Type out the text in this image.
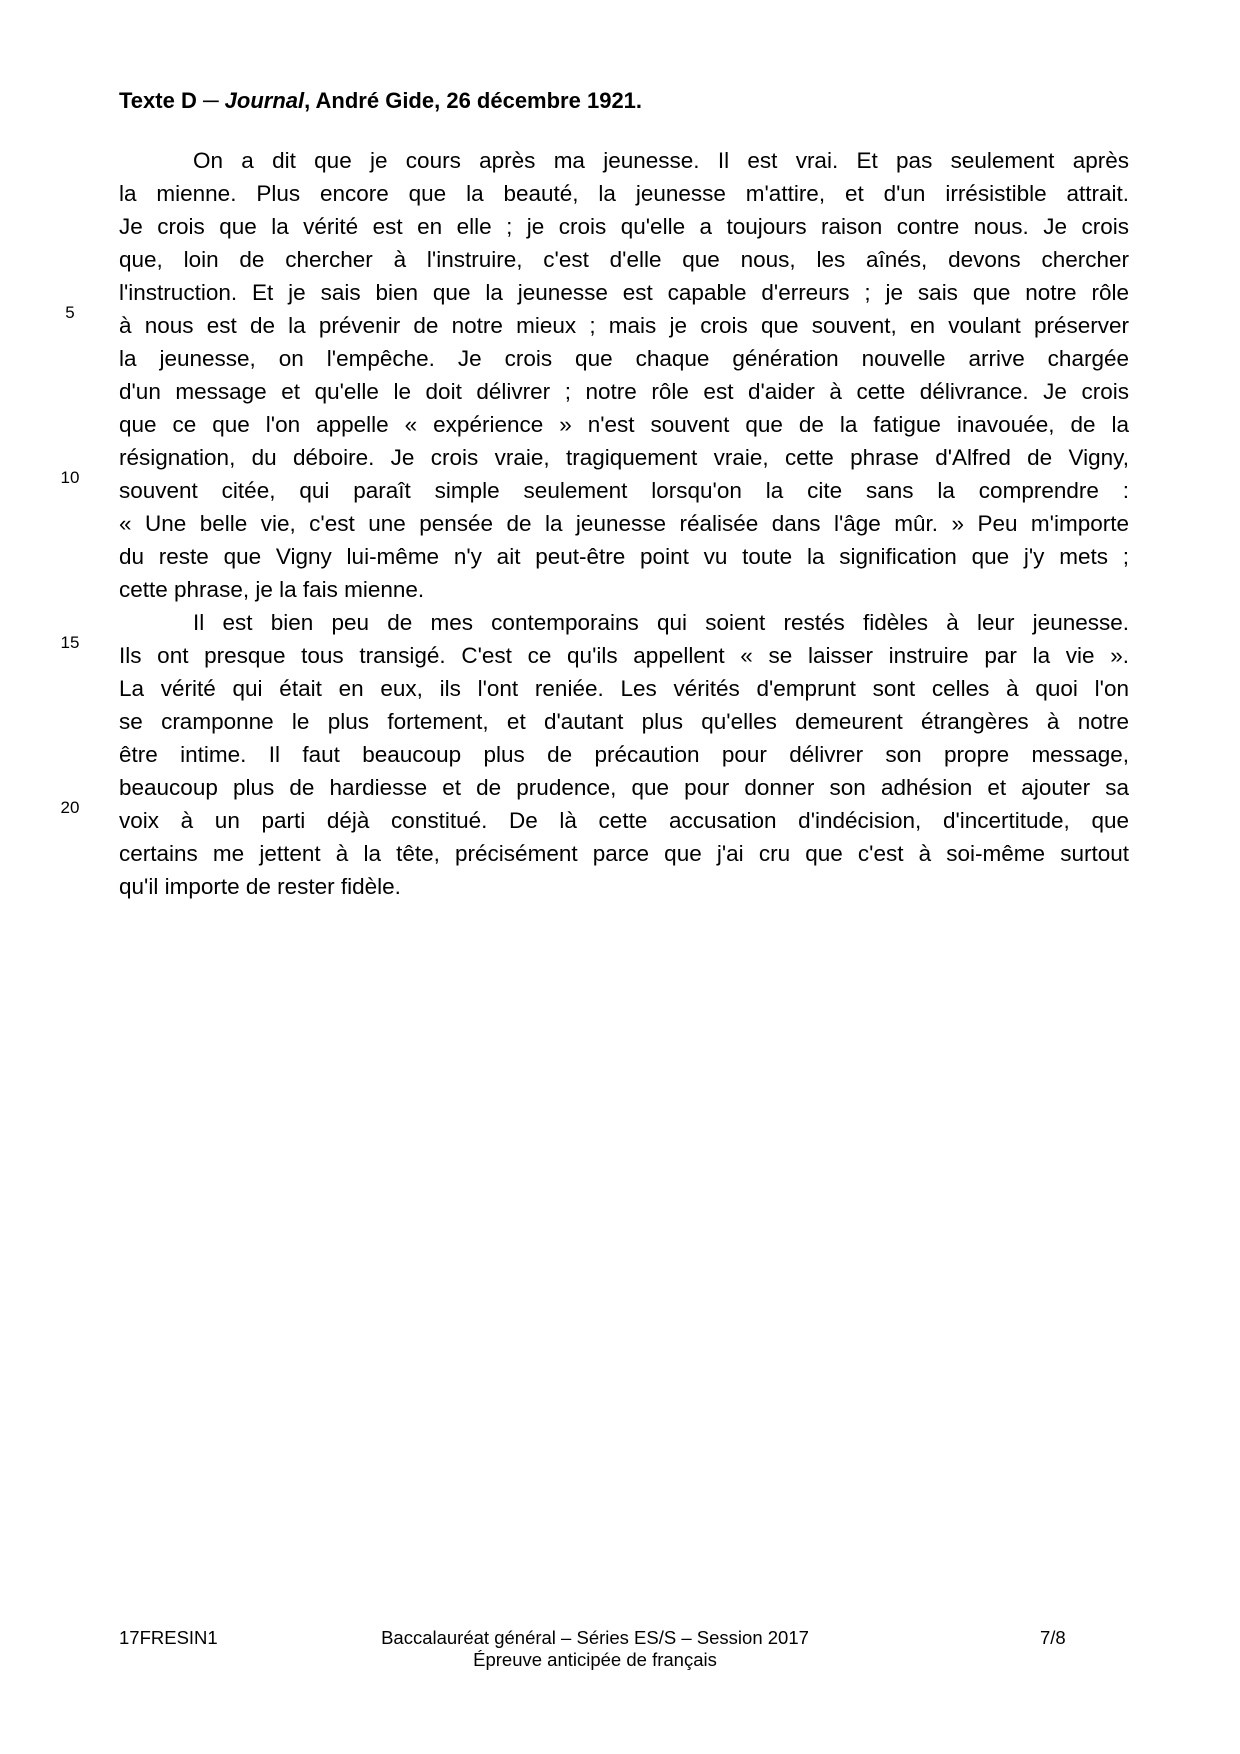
Texte D ─ Journal, André Gide, 26 décembre 1921.
On a dit que je cours après ma jeunesse. Il est vrai. Et pas seulement après
la mienne. Plus encore que la beauté, la jeunesse m'attire, et d'un irrésistible attrait.
Je crois que la vérité est en elle ; je crois qu'elle a toujours raison contre nous. Je crois
que, loin de chercher à l'instruire, c'est d'elle que nous, les aînés, devons chercher
l'instruction. Et je sais bien que la jeunesse est capable d'erreurs ; je sais que notre rôle
à nous est de la prévenir de notre mieux ; mais je crois que souvent, en voulant préserver
la jeunesse, on l'empêche. Je crois que chaque génération nouvelle arrive chargée
d'un message et qu'elle le doit délivrer ; notre rôle est d'aider à cette délivrance. Je crois
que ce que l'on appelle « expérience » n'est souvent que de la fatigue inavouée, de la
résignation, du déboire. Je crois vraie, tragiquement vraie, cette phrase d'Alfred de Vigny,
souvent citée, qui paraît simple seulement lorsqu'on la cite sans la comprendre :
« Une belle vie, c'est une pensée de la jeunesse réalisée dans l'âge mûr. » Peu m'importe
du reste que Vigny lui-même n'y ait peut-être point vu toute la signification que j'y mets ;
cette phrase, je la fais mienne.
Il est bien peu de mes contemporains qui soient restés fidèles à leur jeunesse.
Ils ont presque tous transigé. C'est ce qu'ils appellent « se laisser instruire par la vie ».
La vérité qui était en eux, ils l'ont reniée. Les vérités d'emprunt sont celles à quoi l'on
se cramponne le plus fortement, et d'autant plus qu'elles demeurent étrangères à notre
être intime. Il faut beaucoup plus de précaution pour délivrer son propre message,
beaucoup plus de hardiesse et de prudence, que pour donner son adhésion et ajouter sa
voix à un parti déjà constitué. De là cette accusation d'indécision, d'incertitude, que
certains me jettent à la tête, précisément parce que j'ai cru que c'est à soi-même surtout
qu'il importe de rester fidèle.
5
10
15
20
17FRESIN1	Baccalauréat général – Séries ES/S – Session 2017
Épreuve anticipée de français
7/8
